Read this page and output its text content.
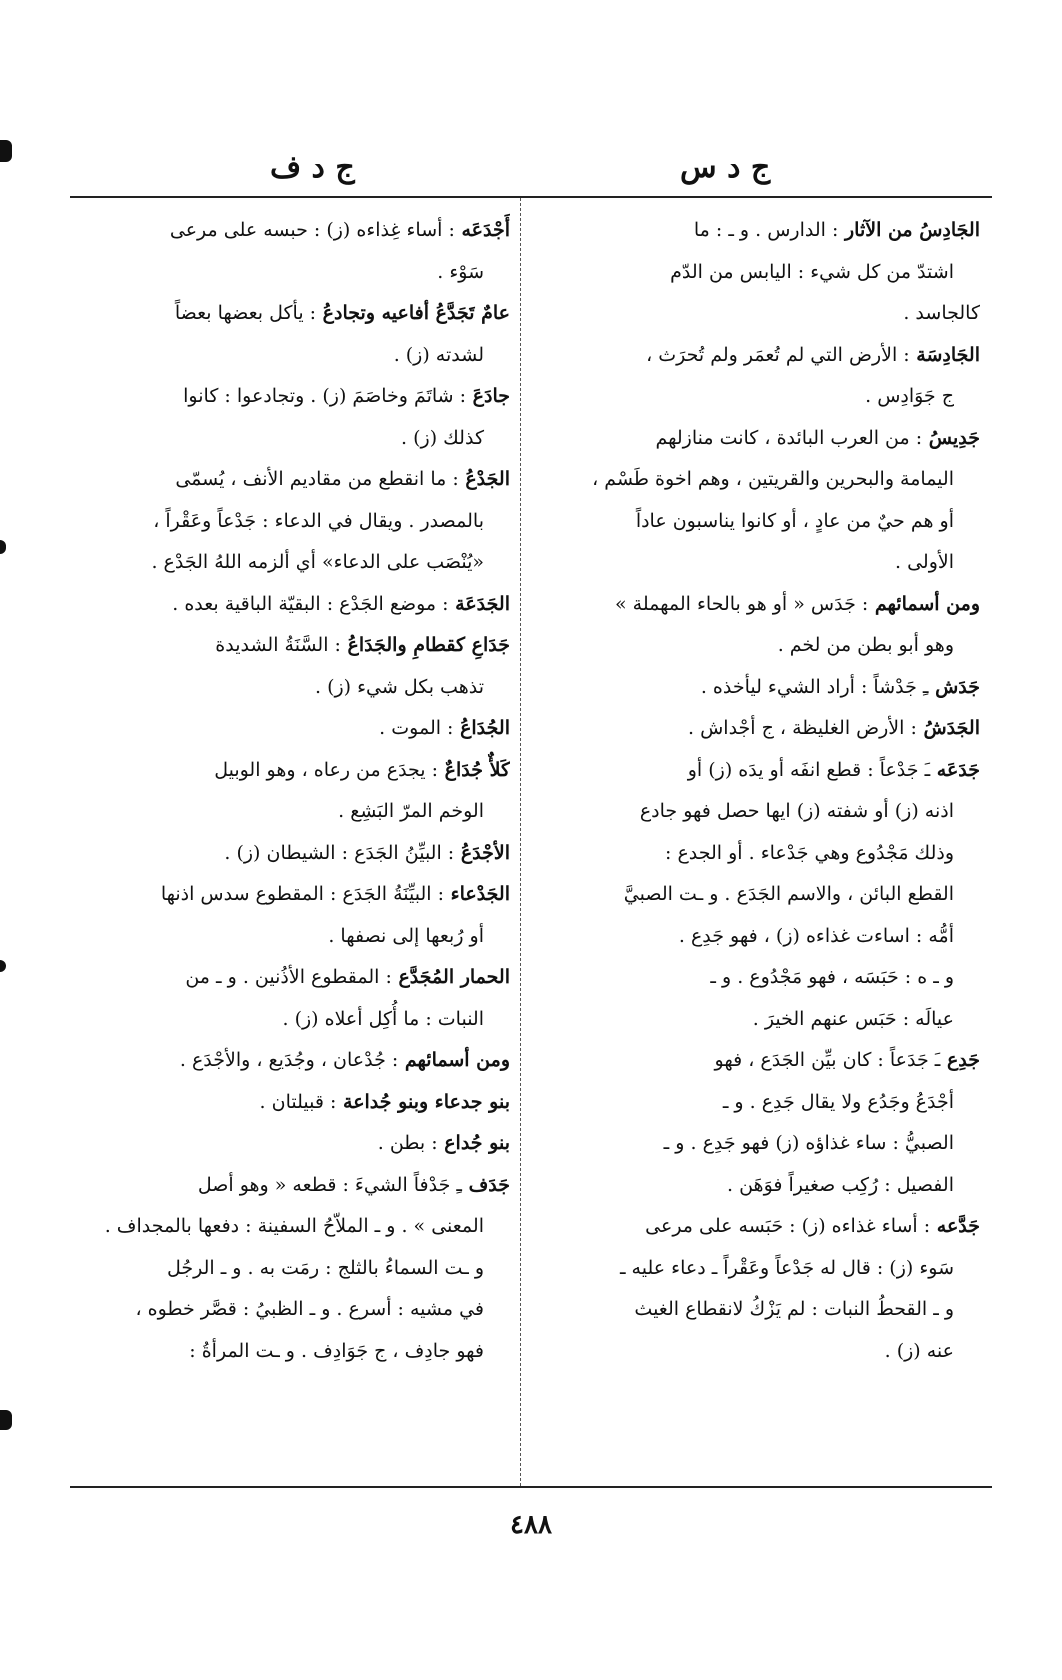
ج د ف	ج د س
الجَادِسُ من الآثار : الدارس . و ـ : ما
اشتدّ من كل شيء : اليابس من الدّم
كالجاسد .
الجَادِسَة : الأرض التي لم تُعمَر ولم تُحرَث ،
ج جَوَادِس .
جَدِيسُ : من العرب البائدة ، كانت منازلهم
اليمامة والبحرين والقريتين ، وهم اخوة طَسْم ،
أو هم حيٌ من عادٍ ، أو كانوا يناسبون عاداً
الأولى .
ومن أسمائهم : جَدَس « أو هو بالحاء المهملة »
وهو أبو بطن من لخم .
جَدَش ـِ جَدْشاً : أراد الشيء ليأخذه .
الجَدَشُ : الأرض الغليظة ، ج أجْداش .
جَدَعَه ـَ جَدْعاً : قطع انفَه أو يدَه (ز) أو
اذنه (ز) أو شفته (ز) ايها حصل فهو جادع
وذلك مَجْدُوع وهي جَدْعاء . أو الجدع :
القطع البائن ، والاسم الجَدَع . و ـت الصبيَّ
أمُّه : اساءت غذاءه (ز) ، فهو جَدِع .
و ـ ه : حَبَسَه ، فهو مَجْدُوع . و ـ
عيالَه : حَبَس عنهم الخيرَ .
جَدِع ـَ جَدَعاً : كان بيِّن الجَدَع ، فهو
أجْدَعُ وجَدُع ولا يقال جَدِع . و ـ
الصبيُّ : ساء غذاؤه (ز) فهو جَدِع . و ـ
الفصيل : رُكِب صغيراً فوَهَن .
جَدَّعه : أساء غذاءه (ز) : حَبَسه على مرعى
سَوء (ز) : قال له جَدْعاً وعَقْراً ـ دعاء عليه ـ
و ـ القحطُ النبات : لم يَزْكُ لانقطاع الغيث
عنه (ز) .
أَجْدَعَه : أساء غِذاءه (ز) : حبسه على مرعى
سَوْء .
عامٌ تَجَدَّعُ أفاعيه وتجادعُ : يأكل بعضها بعضاً
لشدته (ز) .
جادَعَ : شاتَمَ وخاصَمَ (ز) . وتجادعوا : كانوا
كذلك (ز) .
الجَدْعُ : ما انقطع من مقاديم الأنف ، يُسمّى
بالمصدر . ويقال في الدعاء : جَدْعاً وعَقْراً ،
«يُنْصَب على الدعاء» أي ألزمه اللهُ الجَدْع .
الجَدَعَة : موضع الجَدْع : البقيّة الباقية بعده .
جَدَاعِ كقطامِ والجَدَاعُ : السَّنَةُ الشديدة
تذهب بكل شيء (ز) .
الجُدَاعُ : الموت .
كَلأٌ جُدَاعٌ : يجدَع من رعاه ، وهو الوبيل
الوخم المرّ البَشِع .
الأجْدَعُ : البيِّنُ الجَدَع : الشيطان (ز) .
الجَدْعاء : البيِّنَةُ الجَدَع : المقطوع سدس اذنها
أو رُبعها إلى نصفها .
الحمار المُجَدَّع : المقطوع الأذُنين . و ـ من
النبات : ما أُكِل أعلاه (ز) .
ومن أسمائهم : جُدْعان ، وجُدَيع ، والأجْدَع .
بنو جدعاء وبنو جُداعة : قبيلتان .
بنو جُداع : بطن .
جَدَف ـِ جَدْفاً الشيءَ : قطعه « وهو أصل
المعنى » . و ـ الملاّحُ السفينة : دفعها بالمجداف .
و ـت السماءُ بالثلج : رمَت به . و ـ الرجُل
في مشيه : أسرع . و ـ الظبيُ : قصَّر خطوه ،
فهو جادِف ، ج جَوَادِف . و ـت المرأةُ :
٤٨٨
